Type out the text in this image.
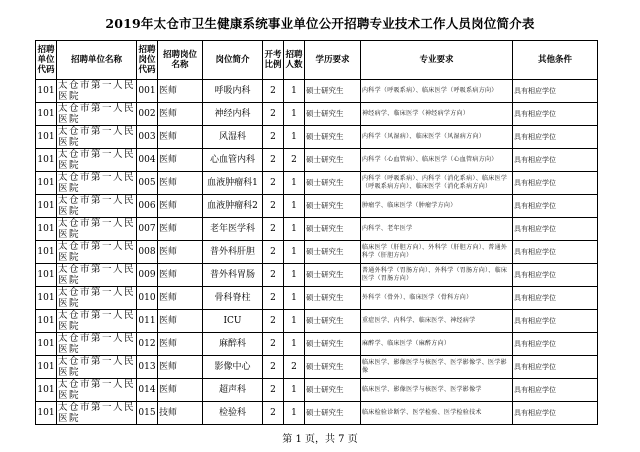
2019年太仓市卫生健康系统事业单位公开招聘专业技术工作人员岗位简介表
招聘单位代码	招聘单位名称	招聘岗位代码	招聘岗位名称	岗位简介	开考比例	招聘人数	学历要求	专业要求	其他条件
101	太仓市第一人民医院	001	医师	呼吸内科	2	1	硕士研究生	内科学（呼吸系病）、临床医学（呼吸系病方向）	具有相应学位
101	太仓市第一人民医院	002	医师	神经内科	2	1	硕士研究生	神经病学、临床医学（神经病学方向）	具有相应学位
101	太仓市第一人民医院	003	医师	风湿科	2	1	硕士研究生	内科学（风湿病）、临床医学（风湿病方向）	具有相应学位
101	太仓市第一人民医院	004	医师	心血管内科	2	2	硕士研究生	内科学（心血管病）、临床医学（心血管病方向）	具有相应学位
101	太仓市第一人民医院	005	医师	血液肿瘤科1	2	1	硕士研究生	内科学（呼吸系病）、内科学（消化系病）、临床医学（呼吸系病方向）、临床医学（消化系病方向）	具有相应学位
101	太仓市第一人民医院	006	医师	血液肿瘤科2	2	1	硕士研究生	肿瘤学、临床医学（肿瘤学方向）	具有相应学位
101	太仓市第一人民医院	007	医师	老年医学科	2	1	硕士研究生	内科学、老年医学	具有相应学位
101	太仓市第一人民医院	008	医师	普外科肝胆	2	1	硕士研究生	临床医学（肝胆方向）、外科学（肝胆方向）、普通外科学（肝胆方向）	具有相应学位
101	太仓市第一人民医院	009	医师	普外科胃肠	2	1	硕士研究生	普通外科学（胃肠方向）、外科学（胃肠方向）、临床医学（胃肠方向）	具有相应学位
101	太仓市第一人民医院	010	医师	骨科脊柱	2	1	硕士研究生	外科学（骨外）、临床医学（骨科方向）	具有相应学位
101	太仓市第一人民医院	011	医师	ICU	2	1	硕士研究生	重症医学、内科学、临床医学、神经病学	具有相应学位
101	太仓市第一人民医院	012	医师	麻醉科	2	1	硕士研究生	麻醉学、临床医学（麻醉方向）	具有相应学位
101	太仓市第一人民医院	013	医师	影像中心	2	2	硕士研究生	临床医学、影像医学与核医学、医学影像学、医学影像	具有相应学位
101	太仓市第一人民医院	014	医师	超声科	2	1	硕士研究生	临床医学、影像医学与核医学、医学影像学	具有相应学位
101	太仓市第一人民医院	015	技师	检验科	2	1	硕士研究生	临床检验诊断学、医学检验、医学检验技术	具有相应学位
第 1 页，共 7 页
